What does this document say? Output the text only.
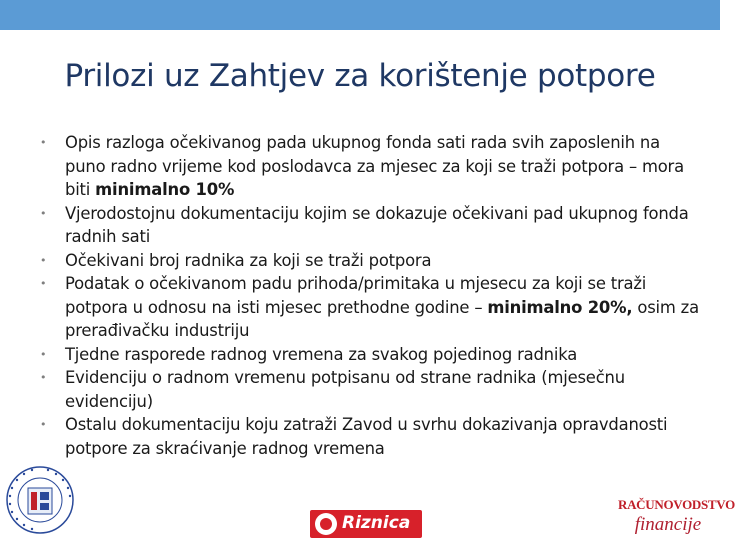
Prilozi uz Zahtjev za korištenje potpore
• Opis razloga očekivanog pada ukupnog fonda sati rada svih zaposlenih na puno radno vrijeme kod poslodavca za mjesec za koji se traži potpora – mora biti minimalno 10%
• Vjerodostojnu dokumentaciju kojim se dokazuje očekivani pad ukupnog fonda radnih sati
• Očekivani broj radnika za koji se traži potpora
• Podatak o očekivanom padu prihoda/primitaka u mjesecu za koji se traži potpora u odnosu na isti mjesec prethodne godine – minimalno 20%, osim za prerađivačku industriju
• Tjedne rasporede radnog vremena za svakog pojedinog radnika
• Evidenciju o radnom vremenu potpisanu od strane radnika (mjesečnu evidenciju)
• Ostalu dokumentaciju koju zatraži Zavod u svrhu dokazivanja opravdanosti potpore za skraćivanje radnog vremena
Riznica
RAČUNOVODSTVO
financije
